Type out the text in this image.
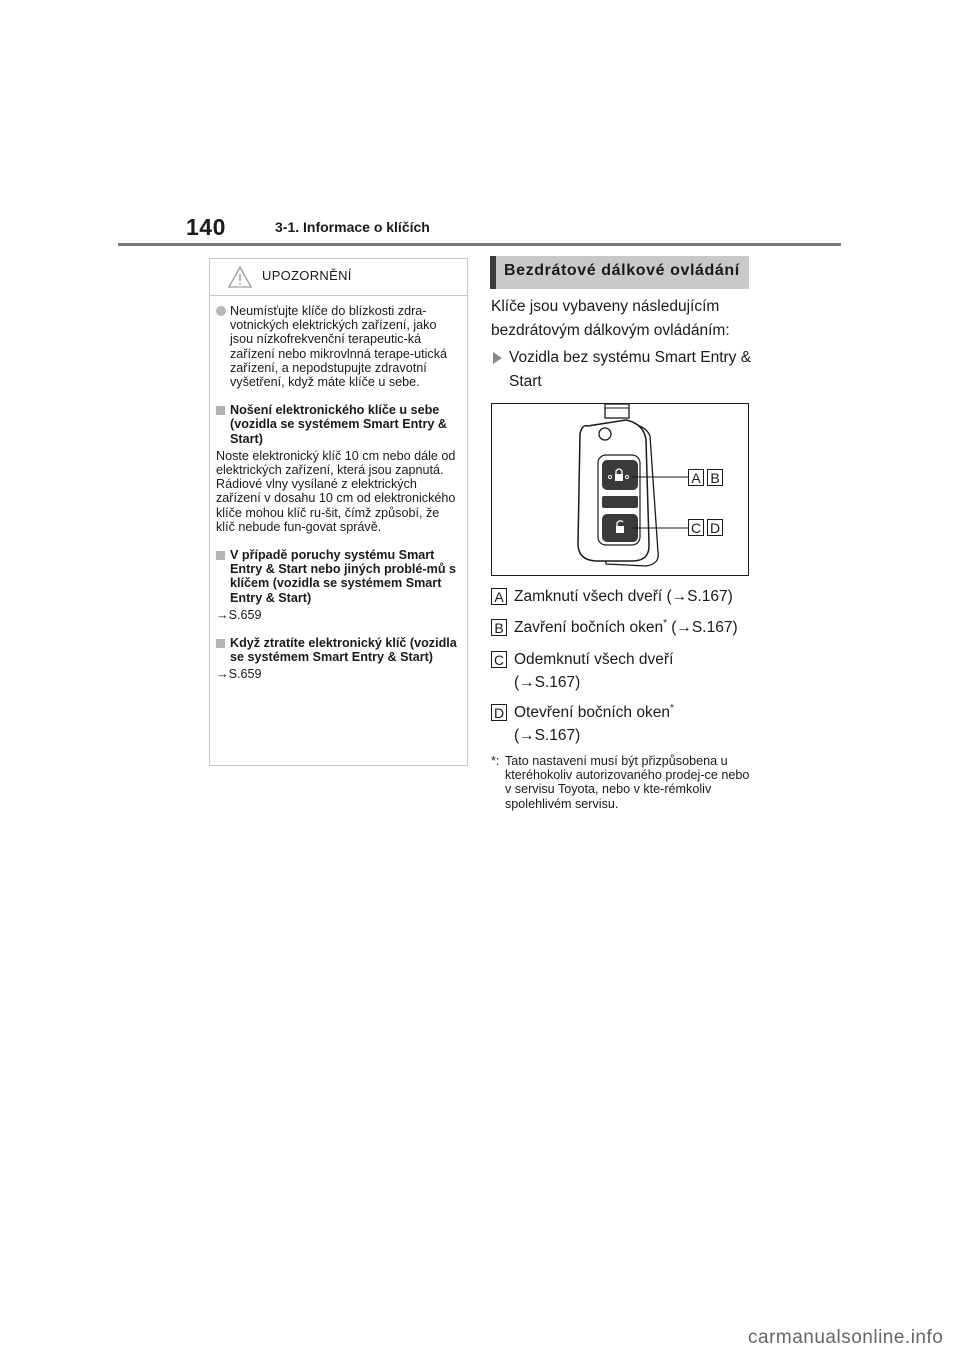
140	3-1. Informace o klíčích
UPOZORNĚNÍ
Neumísťujte klíče do blízkosti zdra-votnických elektrických zařízení, jako jsou nízkofrekvenční terapeutic-ká zařízení nebo mikrovlnná terape-utická zařízení, a nepodstupujte zdravotní vyšetření, když máte klíče u sebe.
Nošení elektronického klíče u sebe (vozidla se systémem Smart Entry & Start)

Noste elektronický klíč 10 cm nebo dále od elektrických zařízení, která jsou zapnutá. Rádiové vlny vysílané z elektrických zařízení v dosahu 10 cm od elektronického klíče mohou klíč ru-šit, čímž způsobí, že klíč nebude fun-govat správě.

V případě poruchy systému Smart Entry & Start nebo jiných problé-mů s klíčem (vozidla se systémem Smart Entry & Start)

→S.659

Když ztratíte elektronický klíč (vozidla se systémem Smart Entry & Start)

→S.659

Bezdrátové dálkové ovládání
Klíče jsou vybaveny následujícím bezdrátovým dálkovým ovládáním:
Vozidla bez systému Smart Entry & Start
A B
C D
A Zamknutí všech dveří (→S.167)
B Zavření bočních oken* (→S.167)
C Odemknutí všech dveří
(→S.167)
D Otevření bočních oken*
(→S.167)
*: Tato nastavení musí být přizpůsobena u kteréhokoliv autorizovaného prodej-ce nebo v servisu Toyota, nebo v kte-rémkoliv spolehlivém servisu.
carmanualsonline.info
